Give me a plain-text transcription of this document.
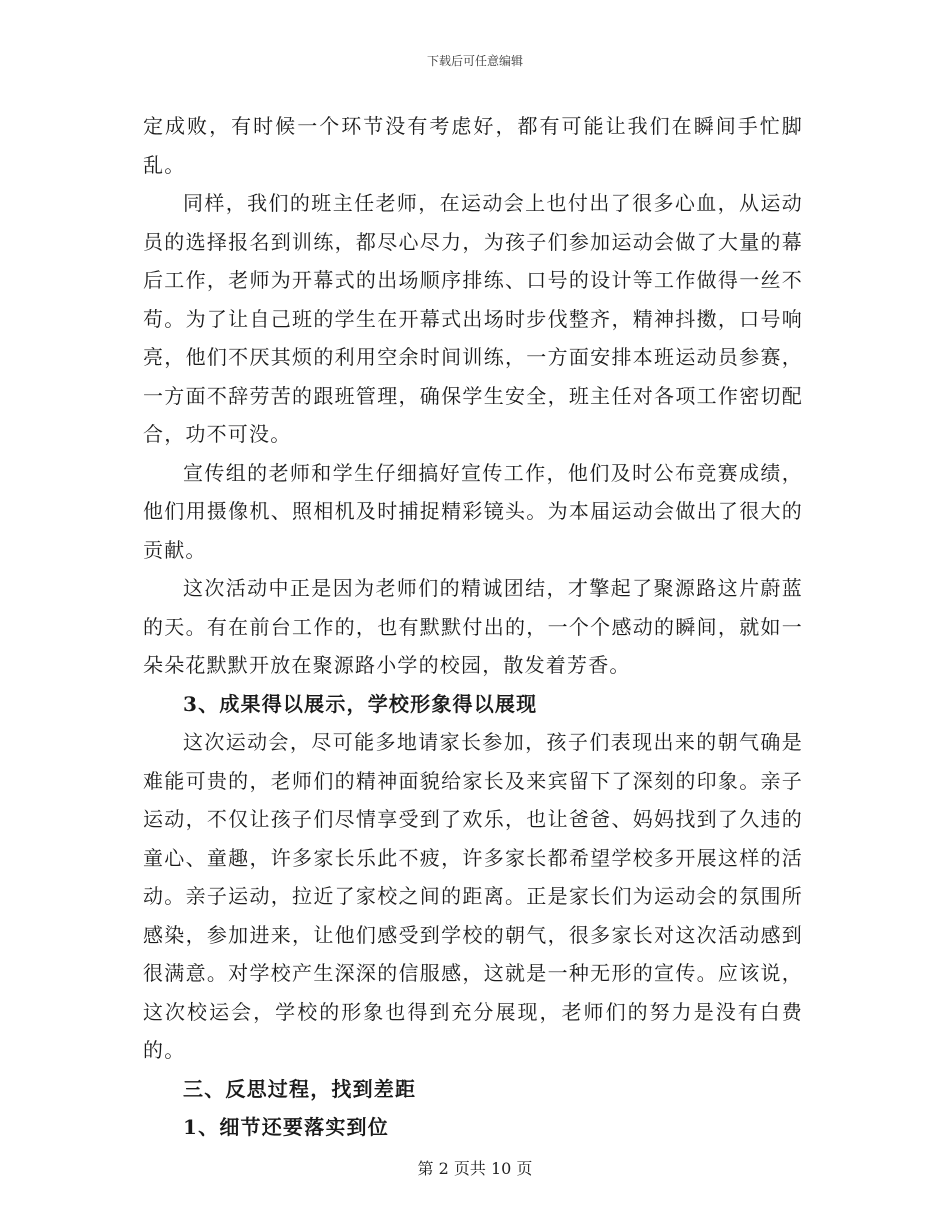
下载后可任意编辑

定成败，有时候一个环节没有考虑好，都有可能让我们在瞬间手忙脚乱。

同样，我们的班主任老师，在运动会上也付出了很多心血，从运动员的选择报名到训练，都尽心尽力，为孩子们参加运动会做了大量的幕后工作，老师为开幕式的出场顺序排练、口号的设计等工作做得一丝不苟。为了让自己班的学生在开幕式出场时步伐整齐，精神抖擞，口号响亮，他们不厌其烦的利用空余时间训练，一方面安排本班运动员参赛，一方面不辞劳苦的跟班管理，确保学生安全，班主任对各项工作密切配合，功不可没。

宣传组的老师和学生仔细搞好宣传工作，他们及时公布竞赛成绩，他们用摄像机、照相机及时捕捉精彩镜头。为本届运动会做出了很大的贡献。

这次活动中正是因为老师们的精诚团结，才擎起了聚源路这片蔚蓝的天。有在前台工作的，也有默默付出的，一个个感动的瞬间，就如一朵朵花默默开放在聚源路小学的校园，散发着芳香。

3、成果得以展示，学校形象得以展现

这次运动会，尽可能多地请家长参加，孩子们表现出来的朝气确是难能可贵的，老师们的精神面貌给家长及来宾留下了深刻的印象。亲子运动，不仅让孩子们尽情享受到了欢乐，也让爸爸、妈妈找到了久违的童心、童趣，许多家长乐此不疲，许多家长都希望学校多开展这样的活动。亲子运动，拉近了家校之间的距离。正是家长们为运动会的氛围所感染，参加进来，让他们感受到学校的朝气，很多家长对这次活动感到很满意。对学校产生深深的信服感，这就是一种无形的宣传。应该说，这次校运会，学校的形象也得到充分展现，老师们的努力是没有白费的。

三、反思过程，找到差距

1、细节还要落实到位

第 2 页共 10 页
